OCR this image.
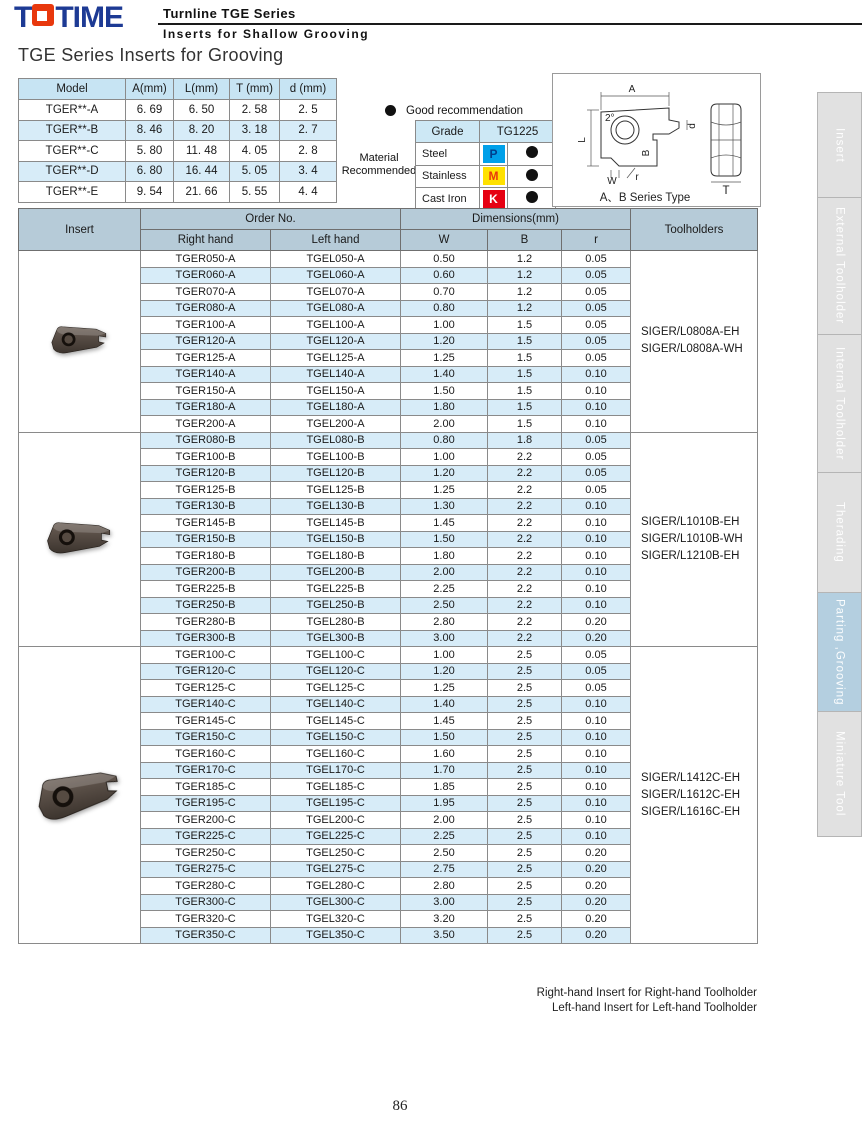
T TIME	Turnline TGE Series
Inserts for Shallow Grooving
TGE Series Inserts for Grooving
Model	A(mm)	L(mm)	T (mm)	d (mm)
TGER**-A	6. 69	6. 50	2. 58	2. 5
TGER**-B	8. 46	8. 20	3. 18	2. 7
TGER**-C	5. 80	11. 48	4. 05	2. 8
TGER**-D	6. 80	16. 44	5. 05	3. 4
TGER**-E	9. 54	21. 66	5. 55	4. 4
Good recommendation
Material
Recommended
Grade	TG1225	
Steel	P	
Stainless	M	
Cast Iron	K	
A
2°
L
d
B
W r
T
A、B Series Type
Insert	Order No.		Dimensions(mm)			Toolholders
	Right hand	Left hand	W	B	r	
	TGER050-A	TGEL050-A	0.50	1.2	0.05	SIGER/L0808A-EH
SIGER/L0808A-WH

	TGER060-A	TGEL060-A	0.60	1.2	0.05	
	TGER070-A	TGEL070-A	0.70	1.2	0.05	
	TGER080-A	TGEL080-A	0.80	1.2	0.05	
	TGER100-A	TGEL100-A	1.00	1.5	0.05	
	TGER120-A	TGEL120-A	1.20	1.5	0.05	
	TGER125-A	TGEL125-A	1.25	1.5	0.05	
	TGER140-A	TGEL140-A	1.40	1.5	0.10	
	TGER150-A	TGEL150-A	1.50	1.5	0.10	
	TGER180-A	TGEL180-A	1.80	1.5	0.10	
	TGER200-A	TGEL200-A	2.00	1.5	0.10	
	TGER080-B	TGEL080-B	0.80	1.8	0.05	SIGER/L1010B-EH
SIGER/L1010B-WH
SIGER/L1210B-EH

	TGER100-B	TGEL100-B	1.00	2.2	0.05	
	TGER120-B	TGEL120-B	1.20	2.2	0.05	
	TGER125-B	TGEL125-B	1.25	2.2	0.05	
	TGER130-B	TGEL130-B	1.30	2.2	0.10	
	TGER145-B	TGEL145-B	1.45	2.2	0.10	
	TGER150-B	TGEL150-B	1.50	2.2	0.10	
	TGER180-B	TGEL180-B	1.80	2.2	0.10	
	TGER200-B	TGEL200-B	2.00	2.2	0.10	
	TGER225-B	TGEL225-B	2.25	2.2	0.10	
	TGER250-B	TGEL250-B	2.50	2.2	0.10	
	TGER280-B	TGEL280-B	2.80	2.2	0.20	
	TGER300-B	TGEL300-B	3.00	2.2	0.20	
	TGER100-C	TGEL100-C	1.00	2.5	0.05	SIGER/L1412C-EH
SIGER/L1612C-EH
SIGER/L1616C-EH

	TGER120-C	TGEL120-C	1.20	2.5	0.05	
	TGER125-C	TGEL125-C	1.25	2.5	0.05	
	TGER140-C	TGEL140-C	1.40	2.5	0.10	
	TGER145-C	TGEL145-C	1.45	2.5	0.10	
	TGER150-C	TGEL150-C	1.50	2.5	0.10	
	TGER160-C	TGEL160-C	1.60	2.5	0.10	
	TGER170-C	TGEL170-C	1.70	2.5	0.10	
	TGER185-C	TGEL185-C	1.85	2.5	0.10	
	TGER195-C	TGEL195-C	1.95	2.5	0.10	
	TGER200-C	TGEL200-C	2.00	2.5	0.10	
	TGER225-C	TGEL225-C	2.25	2.5	0.10	
	TGER250-C	TGEL250-C	2.50	2.5	0.20	
	TGER275-C	TGEL275-C	2.75	2.5	0.20	
	TGER280-C	TGEL280-C	2.80	2.5	0.20	
	TGER300-C	TGEL300-C	3.00	2.5	0.20	
	TGER320-C	TGEL320-C	3.20	2.5	0.20	
	TGER350-C	TGEL350-C	3.50	2.5	0.20	
Right-hand Insert for Right-hand Toolholder
Left-hand Insert for Left-hand Toolholder
Insert
External Toolholder
Internal Toolholder
Therading
Parting ,Grooving
Miniature Tool
86
